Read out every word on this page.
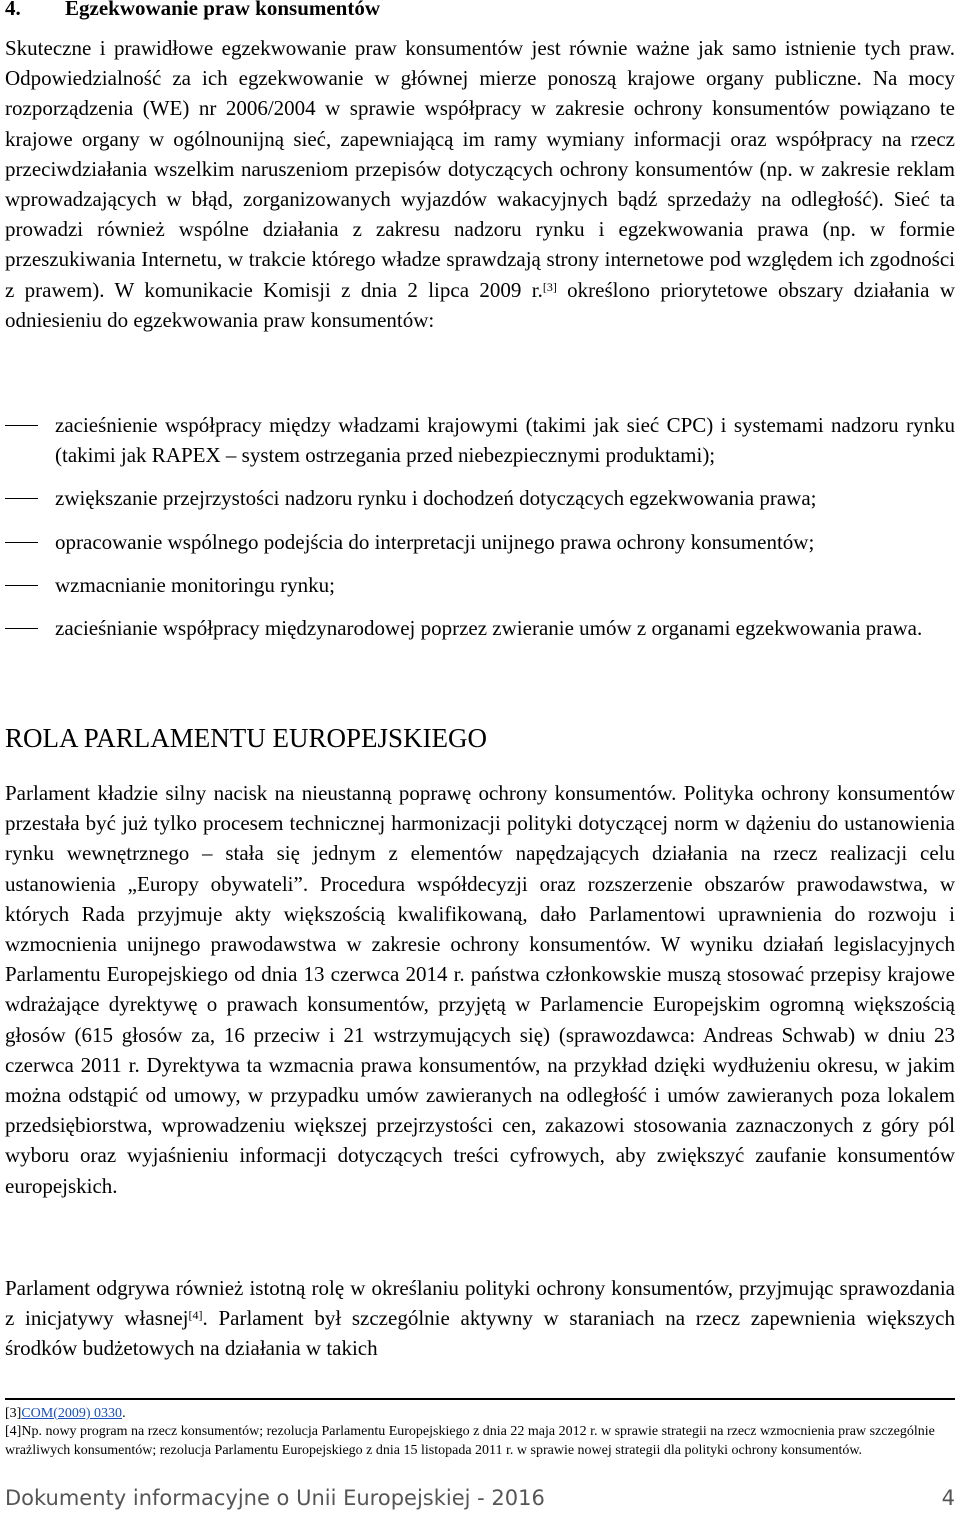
4. Egzekwowanie praw konsumentów

Skuteczne i prawidłowe egzekwowanie praw konsumentów jest równie ważne jak samo istnienie tych praw. Odpowiedzialność za ich egzekwowanie w głównej mierze ponoszą krajowe organy publiczne. Na mocy rozporządzenia (WE) nr 2006/2004 w sprawie współpracy w zakresie ochrony konsumentów powiązano te krajowe organy w ogólnounijną sieć, zapewniającą im ramy wymiany informacji oraz współpracy na rzecz przeciwdziałania wszelkim naruszeniom przepisów dotyczących ochrony konsumentów (np. w zakresie reklam wprowadzających w błąd, zorganizowanych wyjazdów wakacyjnych bądź sprzedaży na odległość). Sieć ta prowadzi również wspólne działania z zakresu nadzoru rynku i egzekwowania prawa (np. w formie przeszukiwania Internetu, w trakcie którego władze sprawdzają strony internetowe pod względem ich zgodności z prawem). W komunikacie Komisji z dnia 2 lipca 2009 r.[3] określono priorytetowe obszary działania w odniesieniu do egzekwowania praw konsumentów:

zacieśnienie współpracy między władzami krajowymi (takimi jak sieć CPC) i systemami nadzoru rynku (takimi jak RAPEX – system ostrzegania przed niebezpiecznymi produktami);
zwiększanie przejrzystości nadzoru rynku i dochodzeń dotyczących egzekwowania prawa;
opracowanie wspólnego podejścia do interpretacji unijnego prawa ochrony konsumentów;
wzmacnianie monitoringu rynku;
zacieśnianie współpracy międzynarodowej poprzez zwieranie umów z organami egzekwowania prawa.
ROLA PARLAMENTU EUROPEJSKIEGO

Parlament kładzie silny nacisk na nieustanną poprawę ochrony konsumentów. Polityka ochrony konsumentów przestała być już tylko procesem technicznej harmonizacji polityki dotyczącej norm w dążeniu do ustanowienia rynku wewnętrznego – stała się jednym z elementów napędzających działania na rzecz realizacji celu ustanowienia „Europy obywateli”. Procedura współdecyzji oraz rozszerzenie obszarów prawodawstwa, w których Rada przyjmuje akty większością kwalifikowaną, dało Parlamentowi uprawnienia do rozwoju i wzmocnienia unijnego prawodawstwa w zakresie ochrony konsumentów. W wyniku działań legislacyjnych Parlamentu Europejskiego od dnia 13 czerwca 2014 r. państwa członkowskie muszą stosować przepisy krajowe wdrażające dyrektywę o prawach konsumentów, przyjętą w Parlamencie Europejskim ogromną większością głosów (615 głosów za, 16 przeciw i 21 wstrzymujących się) (sprawozdawca: Andreas Schwab) w dniu 23 czerwca 2011 r. Dyrektywa ta wzmacnia prawa konsumentów, na przykład dzięki wydłużeniu okresu, w jakim można odstąpić od umowy, w przypadku umów zawieranych na odległość i umów zawieranych poza lokalem przedsiębiorstwa, wprowadzeniu większej przejrzystości cen, zakazowi stosowania zaznaczonych z góry pól wyboru oraz wyjaśnieniu informacji dotyczących treści cyfrowych, aby zwiększyć zaufanie konsumentów europejskich.

Parlament odgrywa również istotną rolę w określaniu polityki ochrony konsumentów, przyjmując sprawozdania z inicjatywy własnej[4]. Parlament był szczególnie aktywny w staraniach na rzecz zapewnienia większych środków budżetowych na działania w takich

[3]COM(2009) 0330.

[4]Np. nowy program na rzecz konsumentów; rezolucja Parlamentu Europejskiego z dnia 22 maja 2012 r. w sprawie strategii na rzecz wzmocnienia praw szczególnie wrażliwych konsumentów; rezolucja Parlamentu Europejskiego z dnia 15 listopada 2011 r. w sprawie nowej strategii dla polityki ochrony konsumentów.

Dokumenty informacyjne o Unii Europejskiej - 2016	4
